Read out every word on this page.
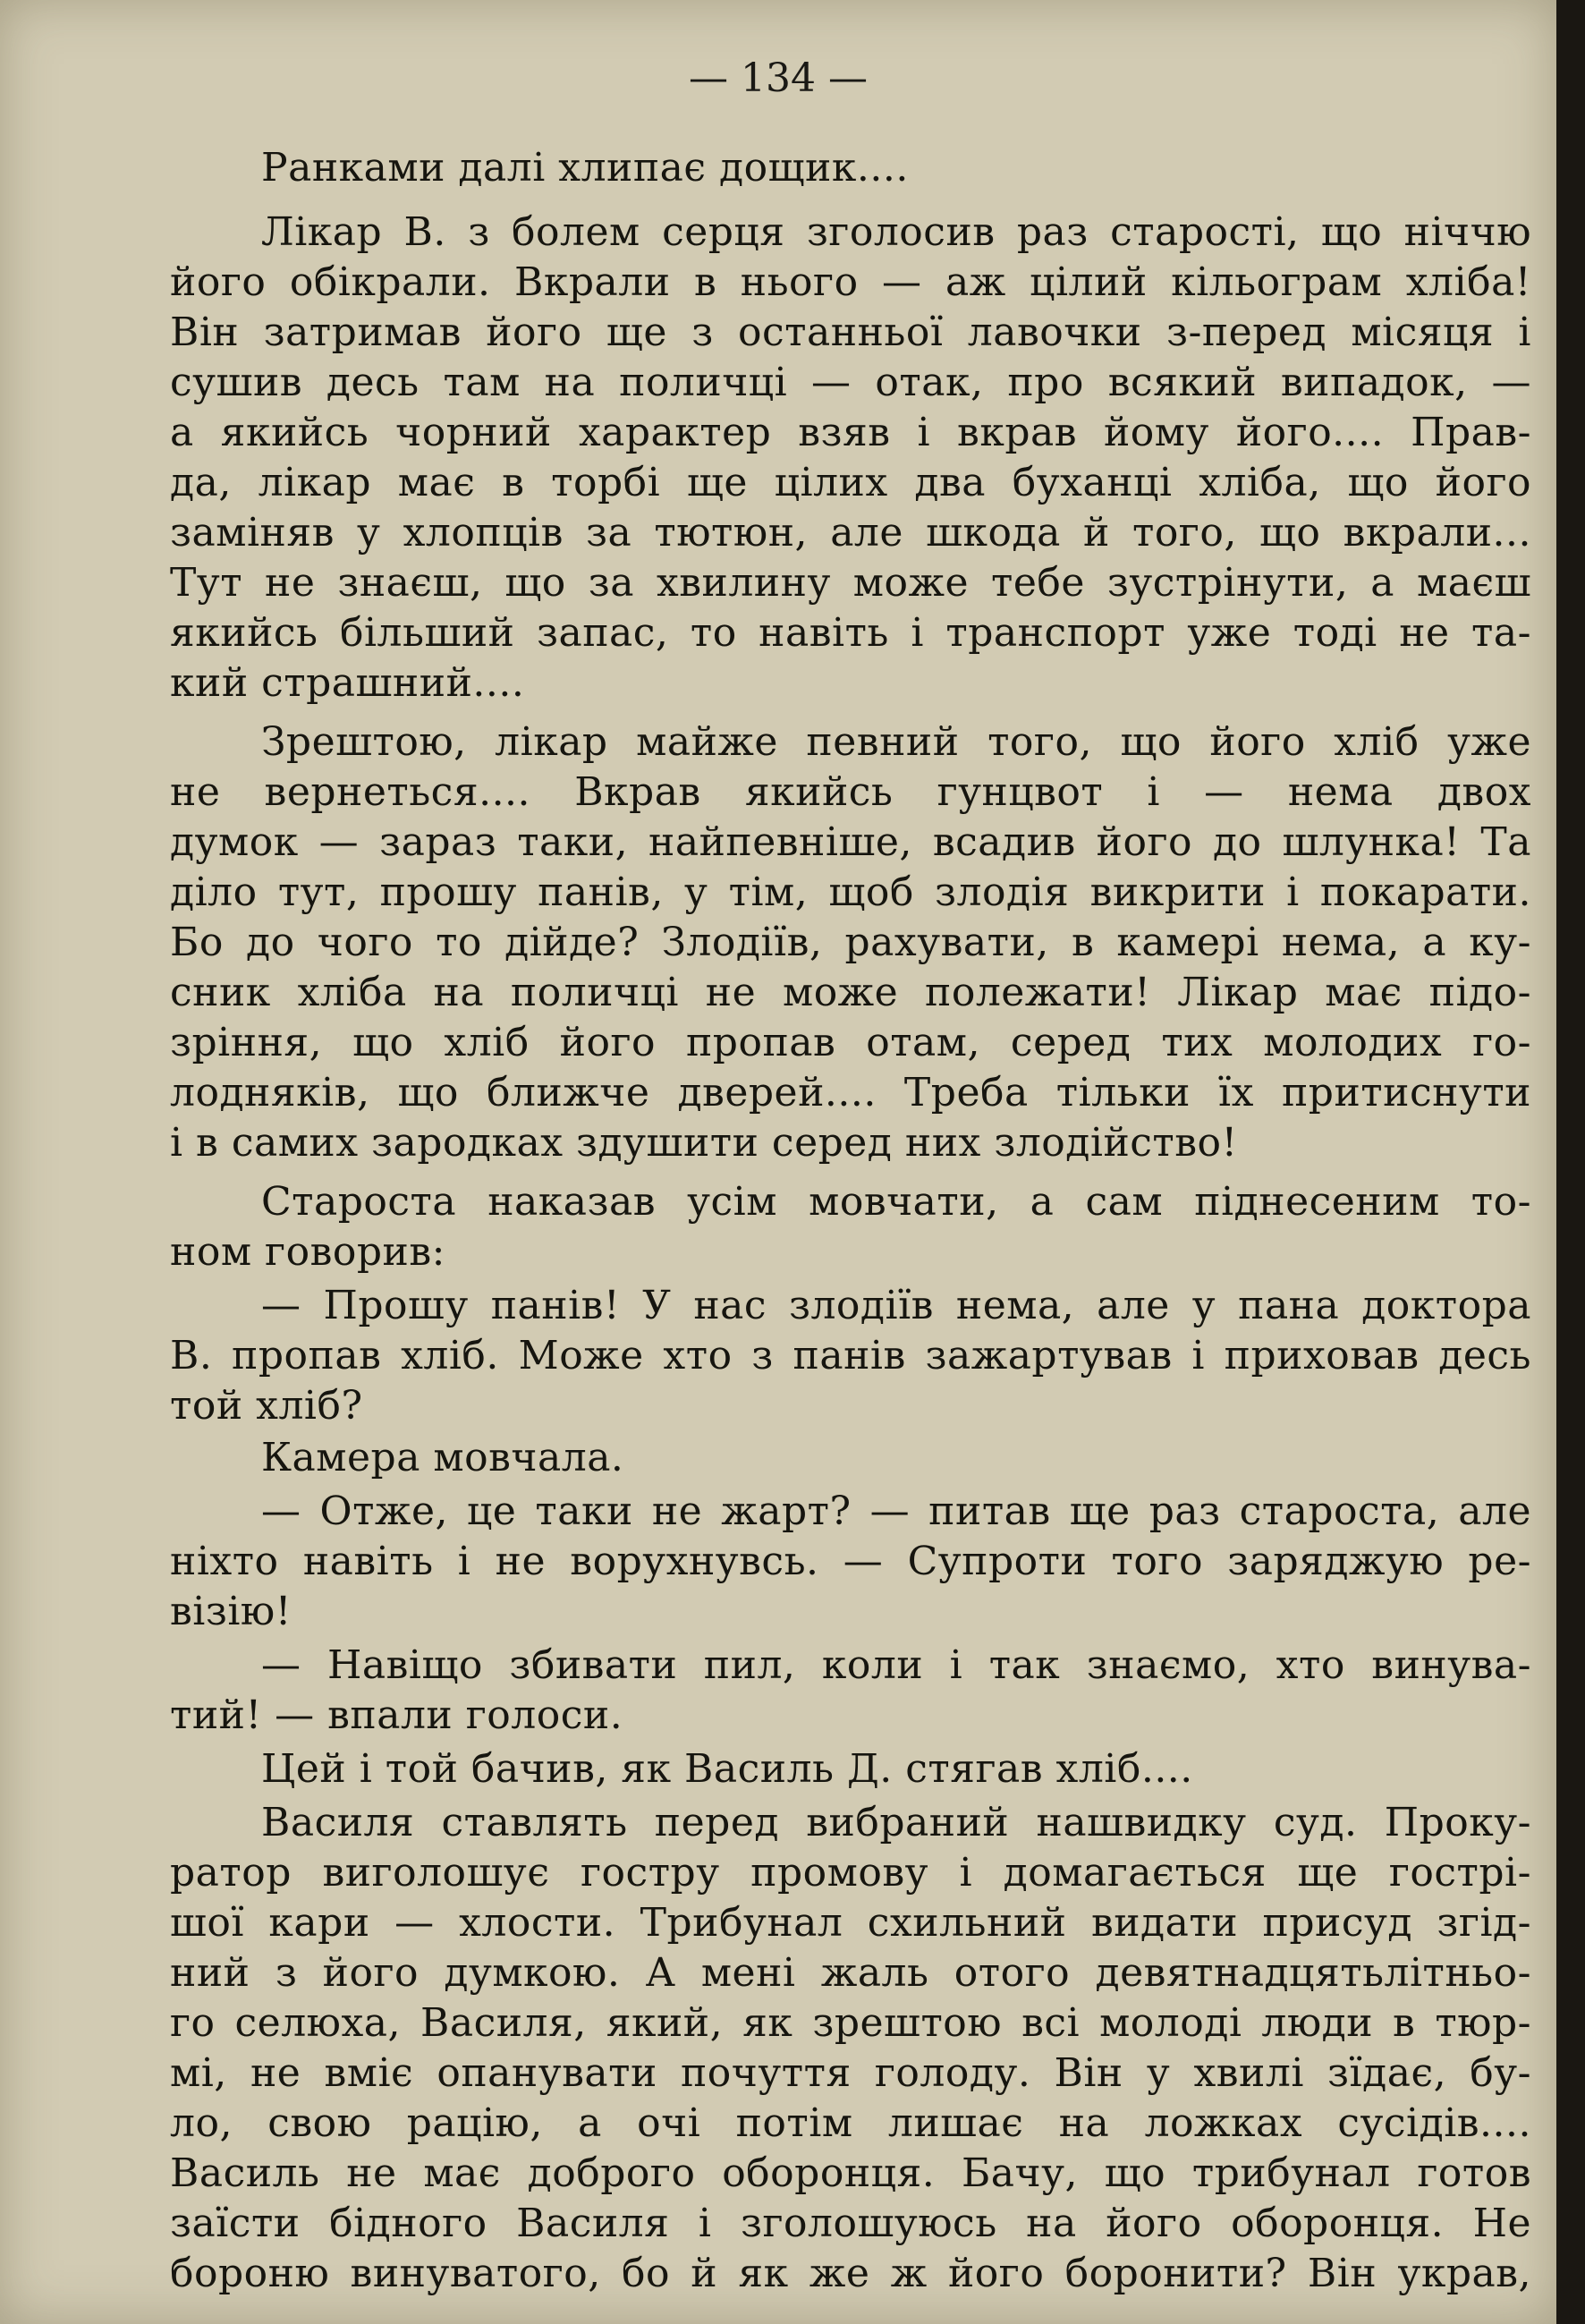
— 134 —
Ранками далі хлипає дощик....
Лікар В. з болем серця зголосив раз старості, що ніччю
його обікрали. Вкрали в нього — аж цілий кільограм хліба!
Він затримав його ще з останньої лавочки з-перед місяця і
сушив десь там на поличці — отак, про всякий випадок, —
а якийсь чорний характер взяв і вкрав йому його.... Прав-
да, лікар має в торбі ще цілих два буханці хліба, що його
заміняв у хлопців за тютюн, але шкода й того, що вкрали...
Тут не знаєш, що за хвилину може тебе зустрінути, а маєш
якийсь більший запас, то навіть і транспорт уже тоді не та-
кий страшний....
Зрештою, лікар майже певний того, що його хліб уже
не вернеться.... Вкрав якийсь гунцвот і — нема двох
думок — зараз таки, найпевніше, всадив його до шлунка! Та
діло тут, прошу панів, у тім, щоб злодія викрити і покарати.
Бо до чого то дійде? Злодіїв, рахувати, в камері нема, а ку-
сник хліба на поличці не може полежати! Лікар має підо-
зріння, що хліб його пропав отам, серед тих молодих го-
лодняків, що ближче дверей.... Треба тільки їх притиснути
і в самих зародках здушити серед них злодійство!
Староста наказав усім мовчати, а сам піднесеним то-
ном говорив:
— Прошу панів! У нас злодіїв нема, але у пана доктора
В. пропав хліб. Може хто з панів зажартував і приховав десь
той хліб?
Камера мовчала.
— Отже, це таки не жарт? — питав ще раз староста, але
ніхто навіть і не ворухнувсь. — Супроти того заряджую ре-
візію!
— Навіщо збивати пил, коли і так знаємо, хто винува-
тий! — впали голоси.
Цей і той бачив, як Василь Д. стягав хліб....
Василя ставлять перед вибраний нашвидку суд. Проку-
ратор виголошує гостру промову і домагається ще гострі-
шої кари — хлости. Трибунал схильний видати присуд згід-
ний з його думкою. А мені жаль отого девятнадцятьлітньо-
го селюха, Василя, який, як зрештою всі молоді люди в тюр-
мі, не вміє опанувати почуття голоду. Він у хвилі зїдає, бу-
ло, свою рацію, а очі потім лишає на ложках сусідів....
Василь не має доброго оборонця. Бачу, що трибунал готов
заїсти бідного Василя і зголошуюсь на його оборонця. Не
бороню винуватого, бо й як же ж його боронити? Він украв,
